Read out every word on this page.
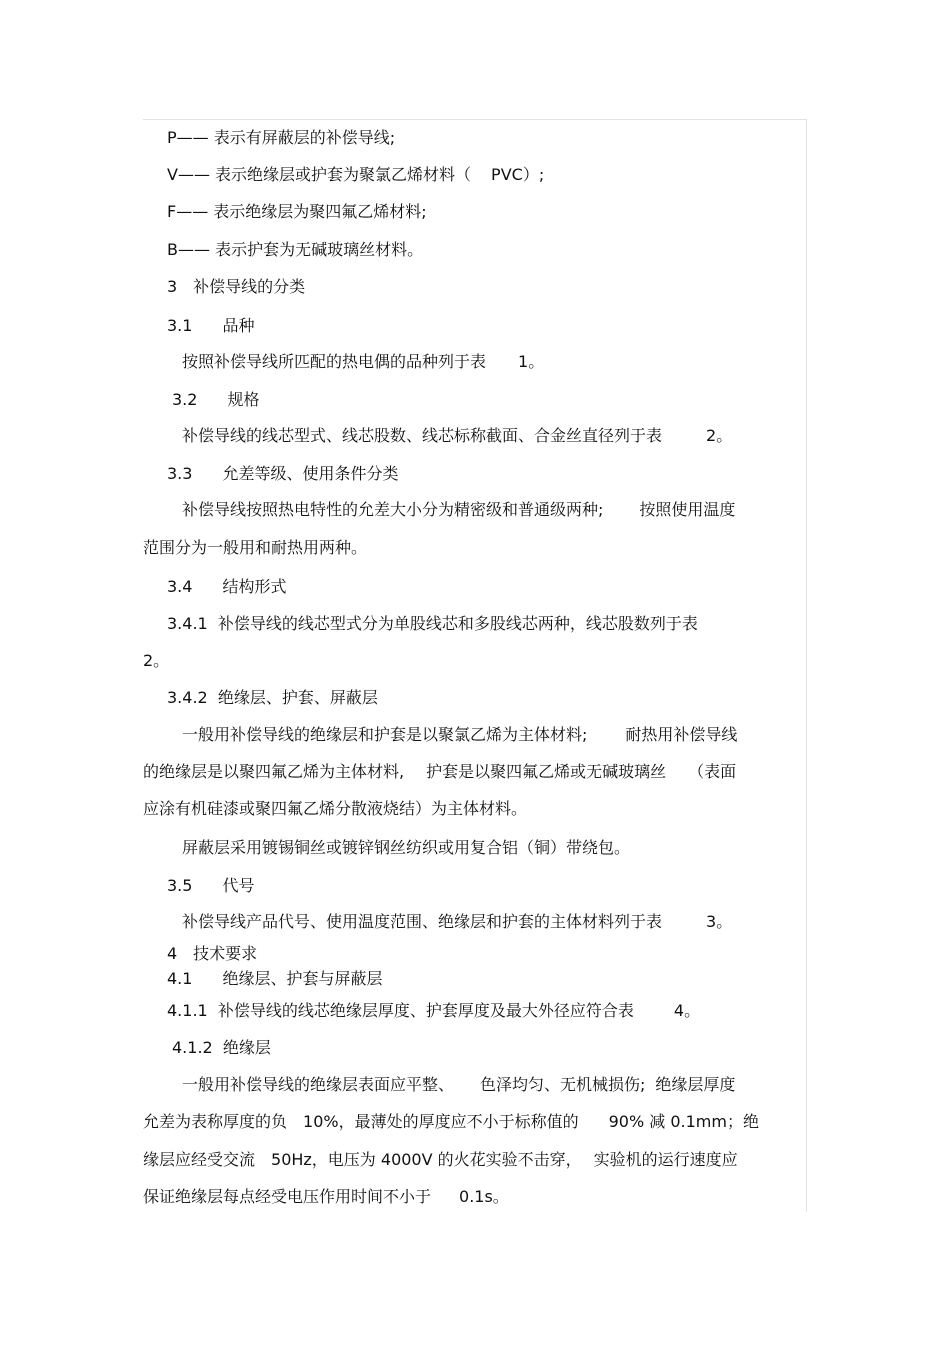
P—— 表示有屏蔽层的补偿导线;
V—— 表示绝缘层或护套为聚氯乙烯材料（ PVC）;
F—— 表示绝缘层为聚四氟乙烯材料;
B—— 表示护套为无碱玻璃丝材料。
3　补偿导线的分类
3.1 品种
按照补偿导线所匹配的热电偶的品种列于表 1。
3.2 规格
补偿导线的线芯型式、线芯股数、线芯标称截面、合金丝直径列于表	2。
3.3 允差等级、使用条件分类
补偿导线按照热电特性的允差大小分为精密级和普通级两种; 按照使用温度
范围分为一般用和耐热用两种。
3.4 结构形式
3.4.1  补偿导线的线芯型式分为单股线芯和多股线芯两种，线芯股数列于表
2。
3.4.2  绝缘层、护套、屏蔽层
一般用补偿导线的绝缘层和护套是以聚氯乙烯为主体材料; 耐热用补偿导线
的绝缘层是以聚四氟乙烯为主体材料, 护套是以聚四氟乙烯或无碱玻璃丝 （表面
应涂有机硅漆或聚四氟乙烯分散液烧结）为主体材料。
屏蔽层采用镀锡铜丝或镀锌钢丝纺织或用复合铝（铜）带绕包。
3.5 代号
补偿导线产品代号、使用温度范围、绝缘层和护套的主体材料列于表	3。
4　技术要求
4.1 绝缘层、护套与屏蔽层
4.1.1  补偿导线的线芯绝缘层厚度、护套厚度及最大外径应符合表	4。
4.1.2  绝缘层
一般用补偿导线的绝缘层表面应平整、 色泽均匀、无机械损伤; 绝缘层厚度
允差为表称厚度的负 10%，最薄处的厚度应不小于标称值的 90% 减 0.1mm；绝
缘层应经受交流 50Hz，电压为 4000V 的火花实验不击穿， 实验机的运行速度应
保证绝缘层每点经受电压作用时间不小于 0.1s。
